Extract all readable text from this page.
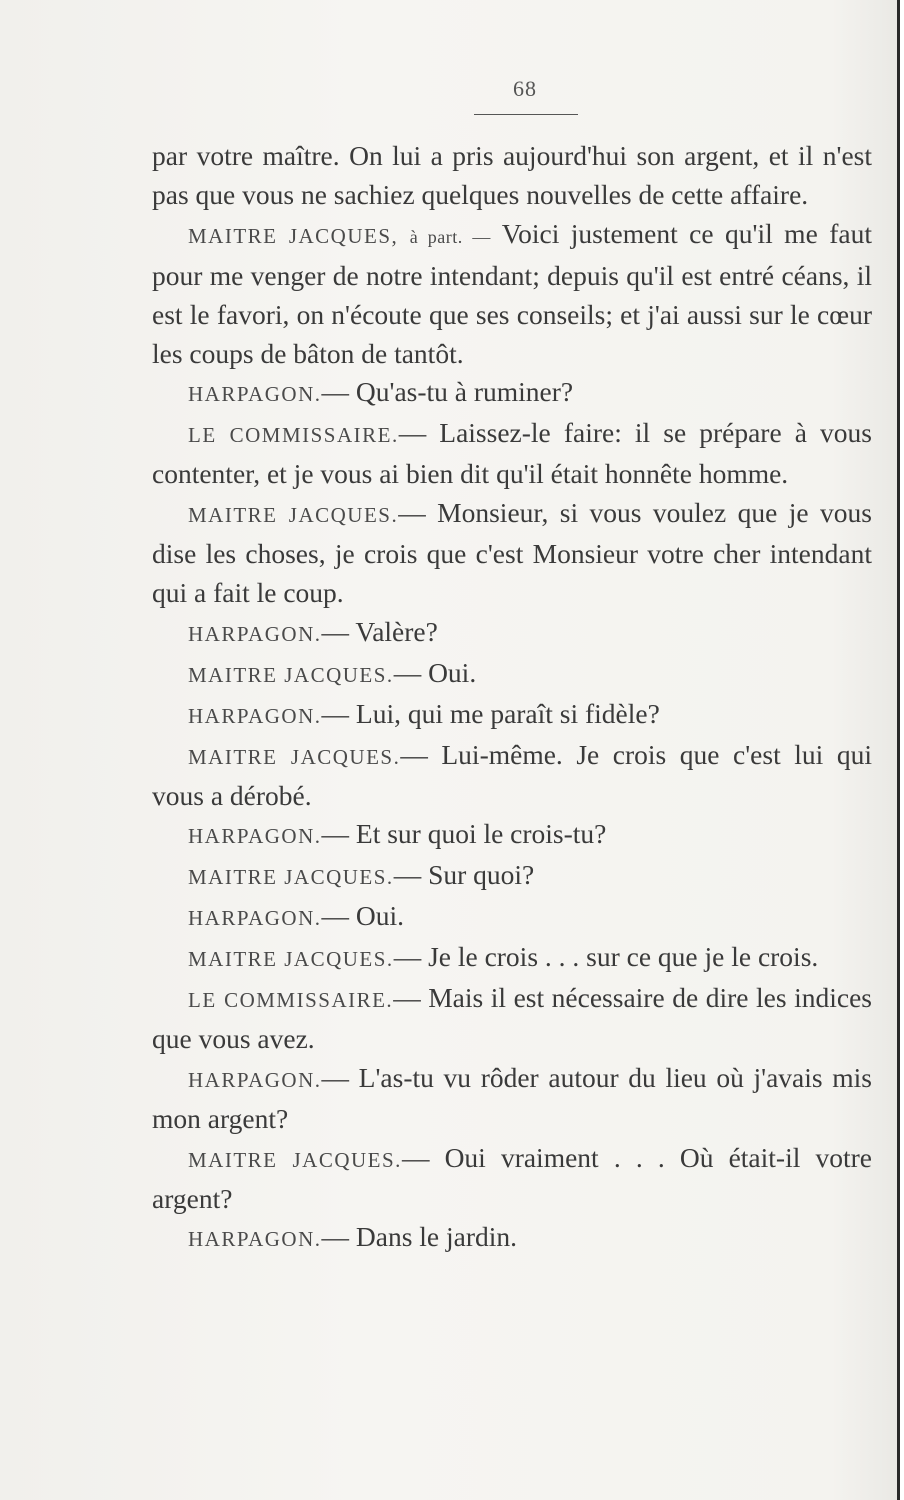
68

par votre maître. On lui a pris aujourd'hui son argent, et il n'est pas que vous ne sachiez quelques nouvelles de cette affaire.

MAITRE JACQUES, à part. — Voici justement ce qu'il me faut pour me venger de notre intendant; depuis qu'il est entré céans, il est le favori, on n'écoute que ses conseils; et j'ai aussi sur le cœur les coups de bâton de tantôt.

HARPAGON.— Qu'as-tu à ruminer?

LE COMMISSAIRE.— Laissez-le faire: il se prépare à vous contenter, et je vous ai bien dit qu'il était honnête homme.

MAITRE JACQUES.— Monsieur, si vous voulez que je vous dise les choses, je crois que c'est Monsieur votre cher intendant qui a fait le coup.

HARPAGON.— Valère?

MAITRE JACQUES.— Oui.

HARPAGON.— Lui, qui me paraît si fidèle?

MAITRE JACQUES.— Lui-même. Je crois que c'est lui qui vous a dérobé.

HARPAGON.— Et sur quoi le crois-tu?

MAITRE JACQUES.— Sur quoi?

HARPAGON.— Oui.

MAITRE JACQUES.— Je le crois . . . sur ce que je le crois.

LE COMMISSAIRE.— Mais il est nécessaire de dire les indices que vous avez.

HARPAGON.— L'as-tu vu rôder autour du lieu où j'avais mis mon argent?

MAITRE JACQUES.— Oui vraiment . . . Où était-il votre argent?

HARPAGON.— Dans le jardin.
